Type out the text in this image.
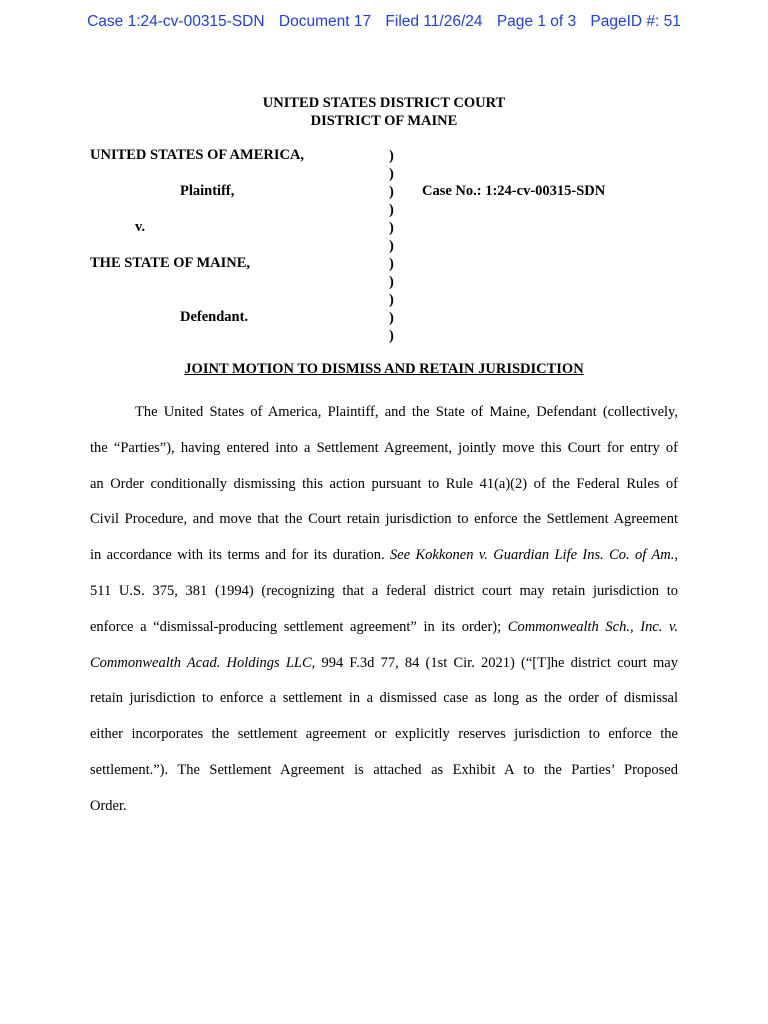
Case 1:24-cv-00315-SDN Document 17 Filed 11/26/24 Page 1 of 3 PageID #: 51
UNITED STATES DISTRICT COURT
DISTRICT OF MAINE
UNITED STATES OF AMERICA,
Plaintiff,
v.
THE STATE OF MAINE,
Defendant.
Case No.: 1:24-cv-00315-SDN
)
)
)
)
)
)
)
)
)
)
)
JOINT MOTION TO DISMISS AND RETAIN JURISDICTION
The United States of America, Plaintiff, and the State of Maine, Defendant (collectively,
the “Parties”), having entered into a Settlement Agreement, jointly move this Court for entry of
an Order conditionally dismissing this action pursuant to Rule 41(a)(2) of the Federal Rules of
Civil Procedure, and move that the Court retain jurisdiction to enforce the Settlement Agreement
in accordance with its terms and for its duration. See Kokkonen v. Guardian Life Ins. Co. of Am.,
511 U.S. 375, 381 (1994) (recognizing that a federal district court may retain jurisdiction to
enforce a “dismissal-producing settlement agreement” in its order); Commonwealth Sch., Inc. v.
Commonwealth Acad. Holdings LLC, 994 F.3d 77, 84 (1st Cir. 2021) (“[T]he district court may
retain jurisdiction to enforce a settlement in a dismissed case as long as the order of dismissal
either incorporates the settlement agreement or explicitly reserves jurisdiction to enforce the
settlement.”). The Settlement Agreement is attached as Exhibit A to the Parties’ Proposed
Order.
